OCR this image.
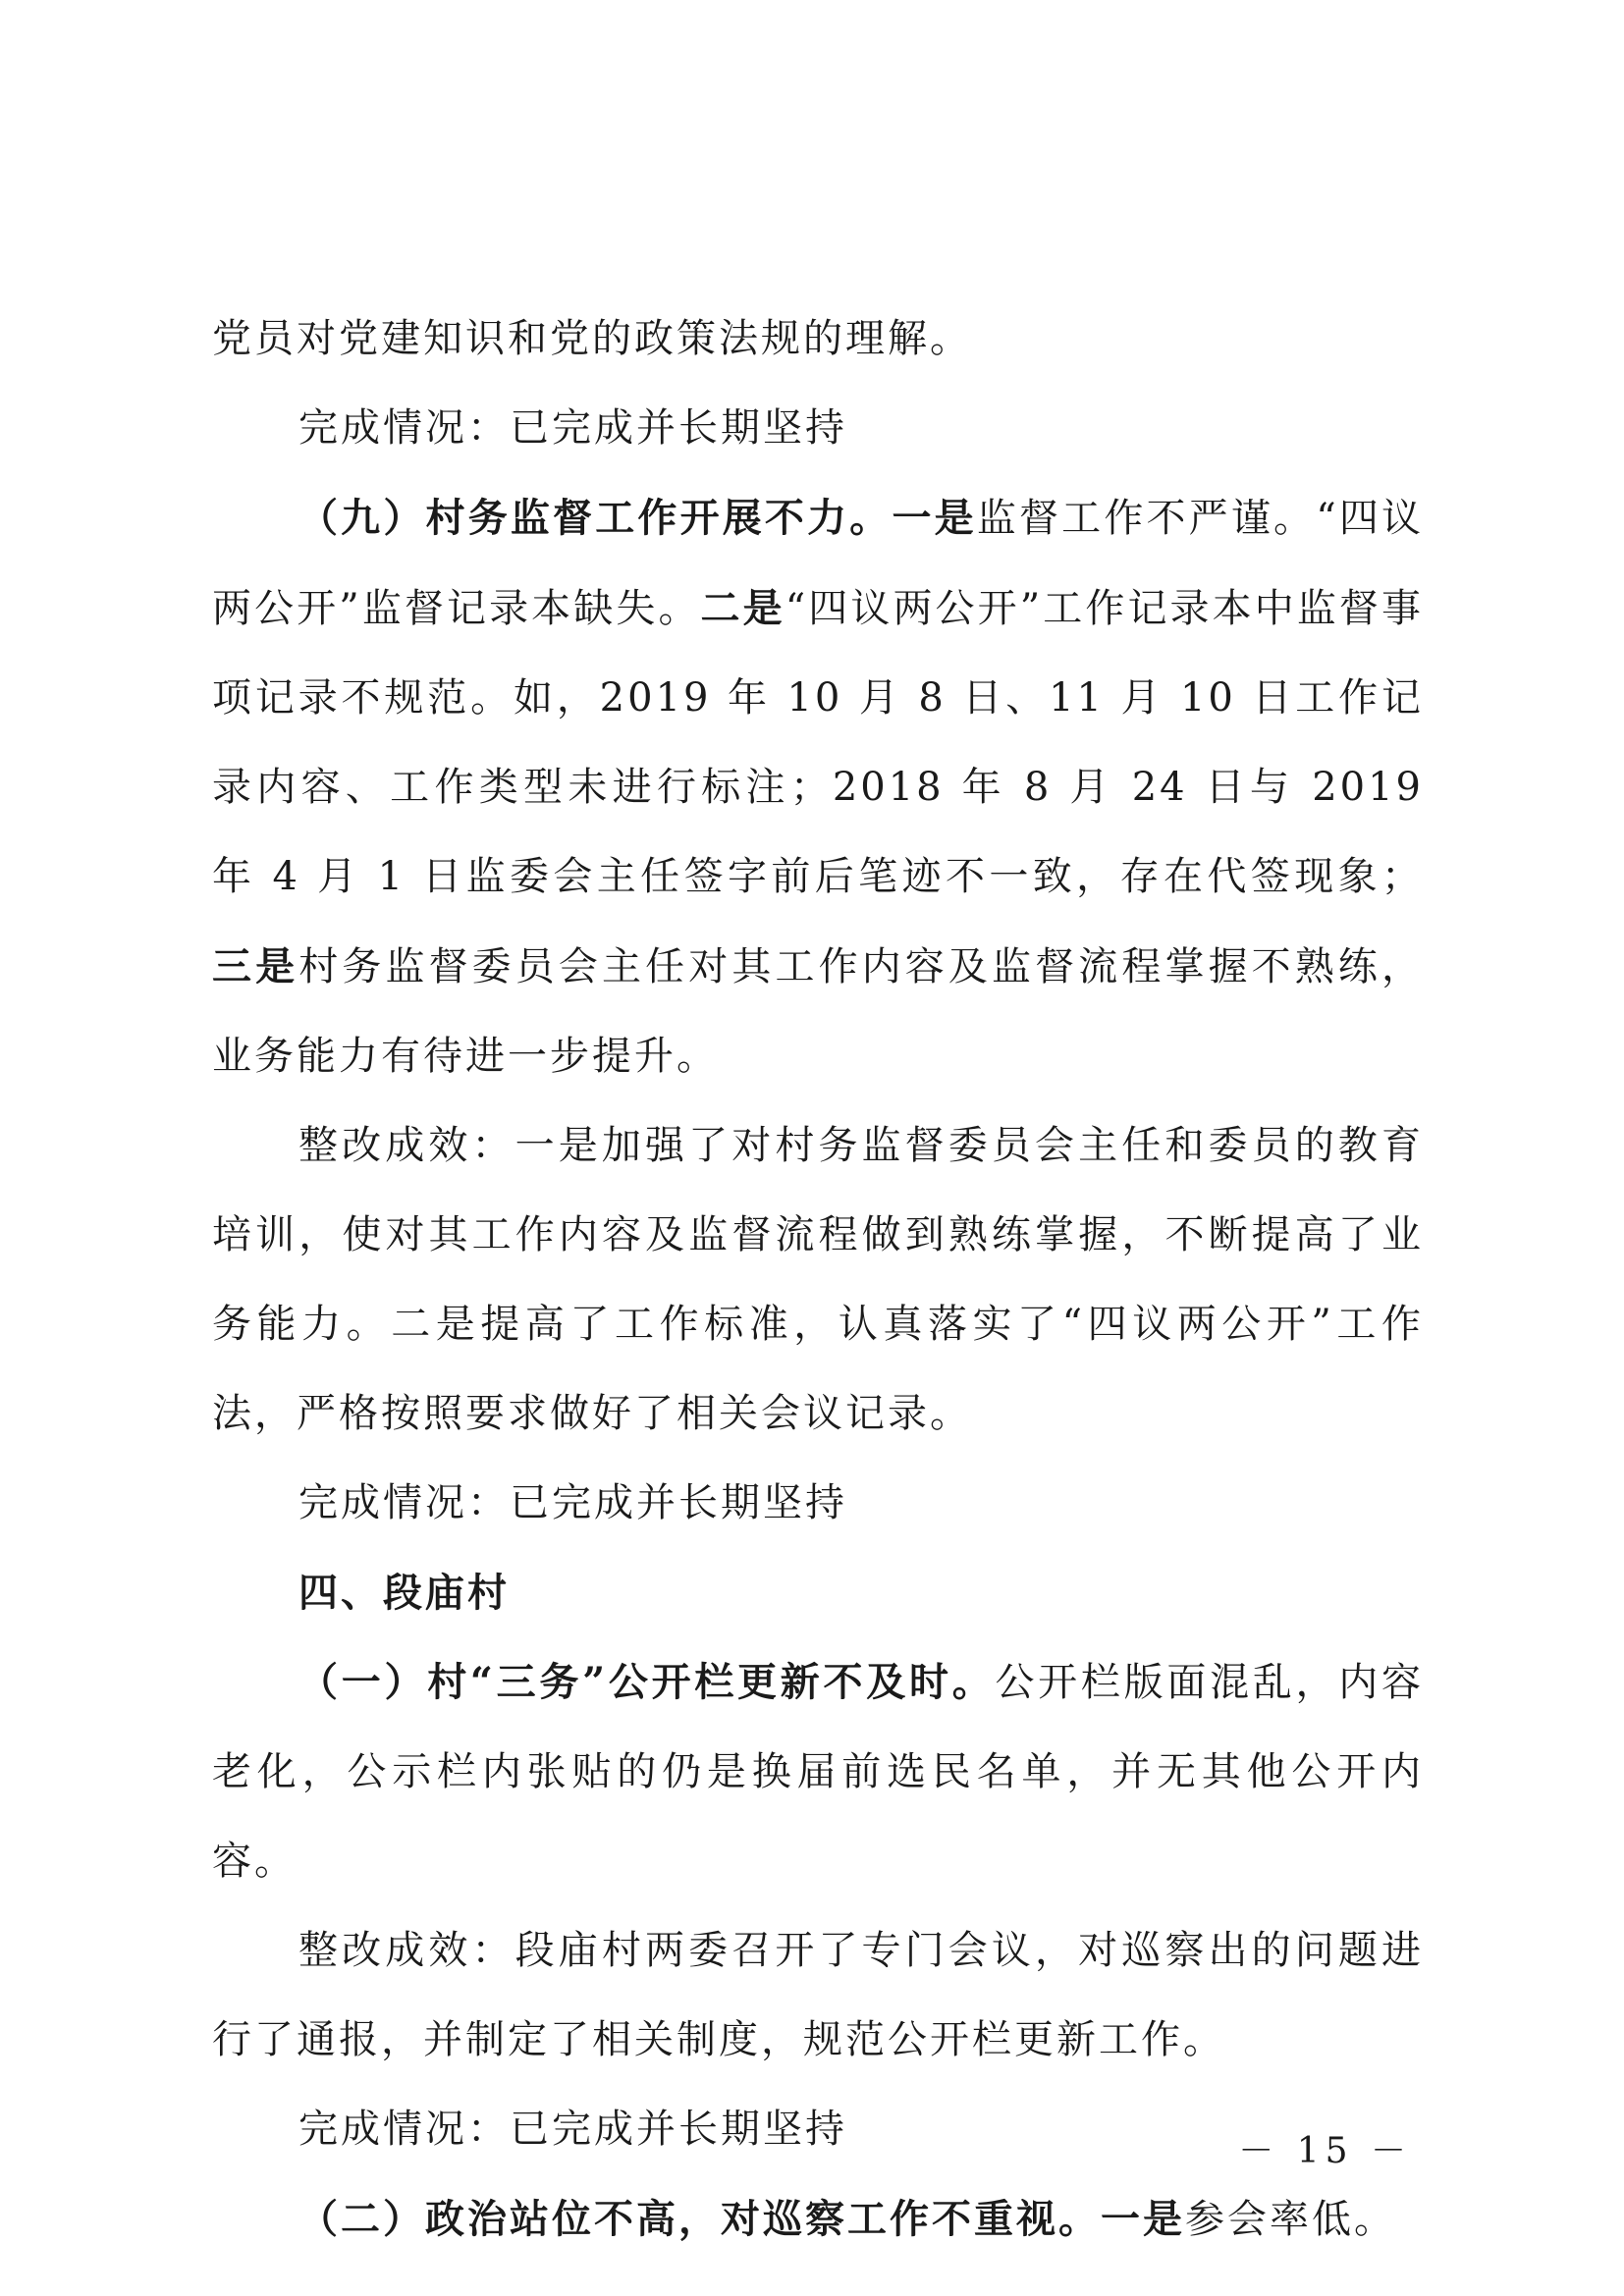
党员对党建知识和党的政策法规的理解。

完成情况：已完成并长期坚持

（九）村务监督工作开展不力。一是监督工作不严谨。“四议两公开”监督记录本缺失。二是“四议两公开”工作记录本中监督事项记录不规范。如，2019 年 10 月 8 日、11 月 10 日工作记录内容、工作类型未进行标注；2018 年 8 月 24 日与 2019 年 4 月 1 日监委会主任签字前后笔迹不一致，存在代签现象；三是村务监督委员会主任对其工作内容及监督流程掌握不熟练，业务能力有待进一步提升。

整改成效：一是加强了对村务监督委员会主任和委员的教育培训，使对其工作内容及监督流程做到熟练掌握，不断提高了业务能力。二是提高了工作标准，认真落实了“四议两公开”工作法，严格按照要求做好了相关会议记录。

完成情况：已完成并长期坚持

四、段庙村

（一）村“三务”公开栏更新不及时。公开栏版面混乱，内容老化，公示栏内张贴的仍是换届前选民名单，并无其他公开内容。

整改成效：段庙村两委召开了专门会议，对巡察出的问题进行了通报，并制定了相关制度，规范公开栏更新工作。

完成情况：已完成并长期坚持

（二）政治站位不高，对巡察工作不重视。一是参会率低。

－ 15 －
